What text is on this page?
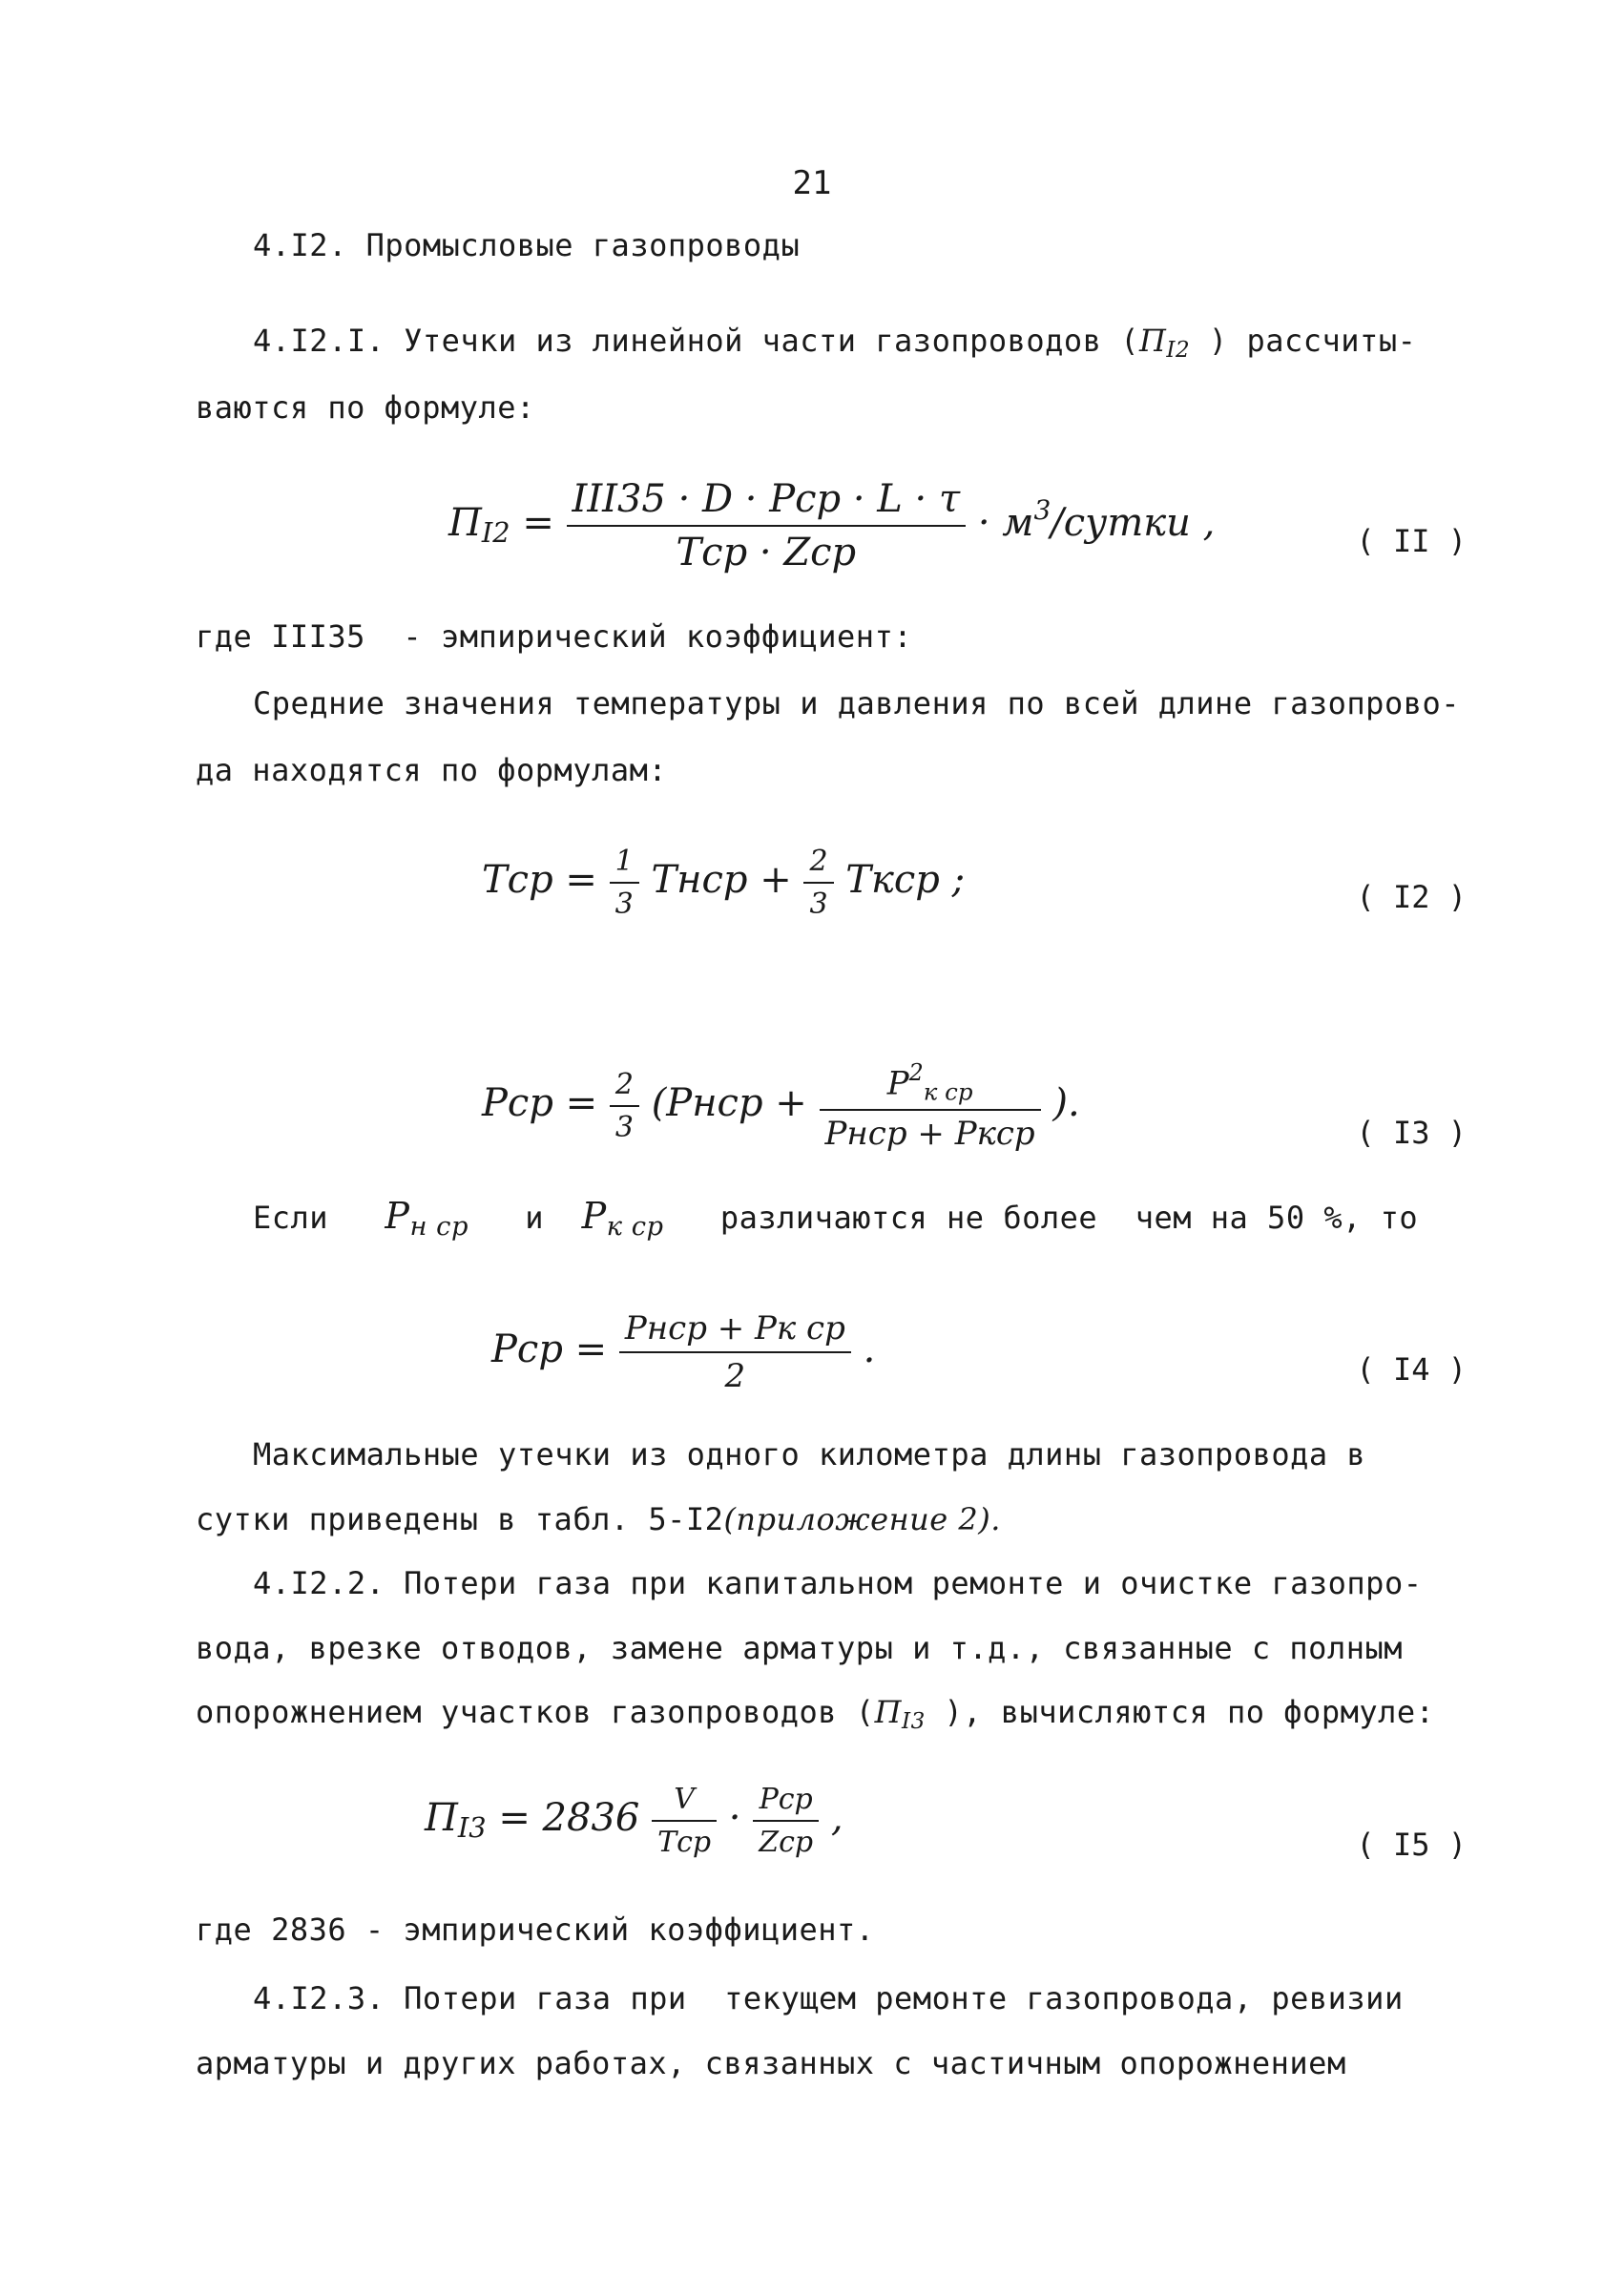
21
4.I2. Промысловые газопроводы
4.I2.I. Утечки из линейной части газопроводов ($П_{I2}$ ) рассчиты-
ваются по формуле:
$П_{I2} = \frac{\text{III35 · D · Pср · L · τ}}{\text{Tср · Zср}}$ · $м^3$/сутки ,	( II )
где III35  - эмпирический коэффициент:
Средние значения температуры и давления по всей длине газопрово-
да находятся по формулам:
Tср = $\frac{1}{3}$ Tнср + $\frac{2}{3}$ Tкср ;	( I2 )
Pср = $\frac{2}{3}$ (Pнср + $\frac{P^2_{к ср}}{\text{Pнср + Pкср}}$ ).
( I3 )
Если $P_{н ср}$ и $P_{к ср}$ различаются не более  чем на 50 %, то
Pср = $\frac{\text{Pнср + Pк ср}}{2}$ .	( I4 )
Максимальные утечки из одного километра длины газопровода в
сутки приведены в табл. 5-I2(приложение 2).
4.I2.2. Потери газа при капитальном ремонте и очистке газопро-
вода, врезке отводов, замене арматуры и т.д., связанные с полным
опорожнением участков газопроводов ($П_{I3}$ ), вычисляются по формуле:
$П_{I3} = 2836 \frac{V}{\text{Tср}} \cdot \frac{\text{Pср}}{\text{Zср}}$ ,
( I5 )
где 2836 - эмпирический коэффициент.
4.I2.3. Потери газа при  текущем ремонте газопровода, ревизии
арматуры и других работах, связанных с частичным опорожнением
